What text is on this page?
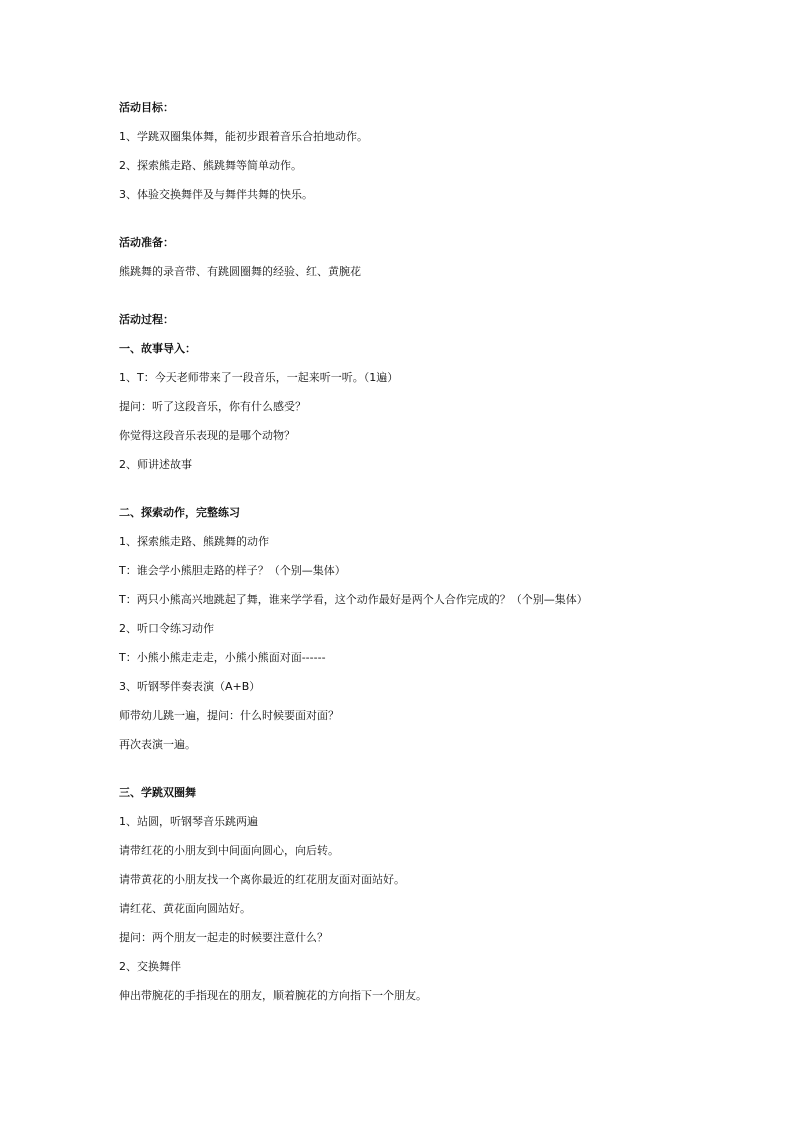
活动目标：
1、学跳双圈集体舞，能初步跟着音乐合拍地动作。
2、探索熊走路、熊跳舞等简单动作。
3、体验交换舞伴及与舞伴共舞的快乐。
活动准备：
熊跳舞的录音带、有跳圆圈舞的经验、红、黄腕花
活动过程：
一、故事导入：
1、T：今天老师带来了一段音乐，一起来听一听。（1遍）
提问：听了这段音乐，你有什么感受？
你觉得这段音乐表现的是哪个动物？
2、师讲述故事
二、探索动作，完整练习
1、探索熊走路、熊跳舞的动作
T：谁会学小熊胆走路的样子？（个别—集体）
T：两只小熊高兴地跳起了舞，谁来学学看，这个动作最好是两个人合作完成的？（个别—集体）
2、听口令练习动作
T：小熊小熊走走走，小熊小熊面对面------
3、听钢琴伴奏表演（A+B）
师带幼儿跳一遍，提问：什么时候要面对面？
再次表演一遍。
三、学跳双圈舞
1、站圆，听钢琴音乐跳两遍
请带红花的小朋友到中间面向圆心，向后转。
请带黄花的小朋友找一个离你最近的红花朋友面对面站好。
请红花、黄花面向圆站好。
提问：两个朋友一起走的时候要注意什么？
2、交换舞伴
伸出带腕花的手指现在的朋友，顺着腕花的方向指下一个朋友。
